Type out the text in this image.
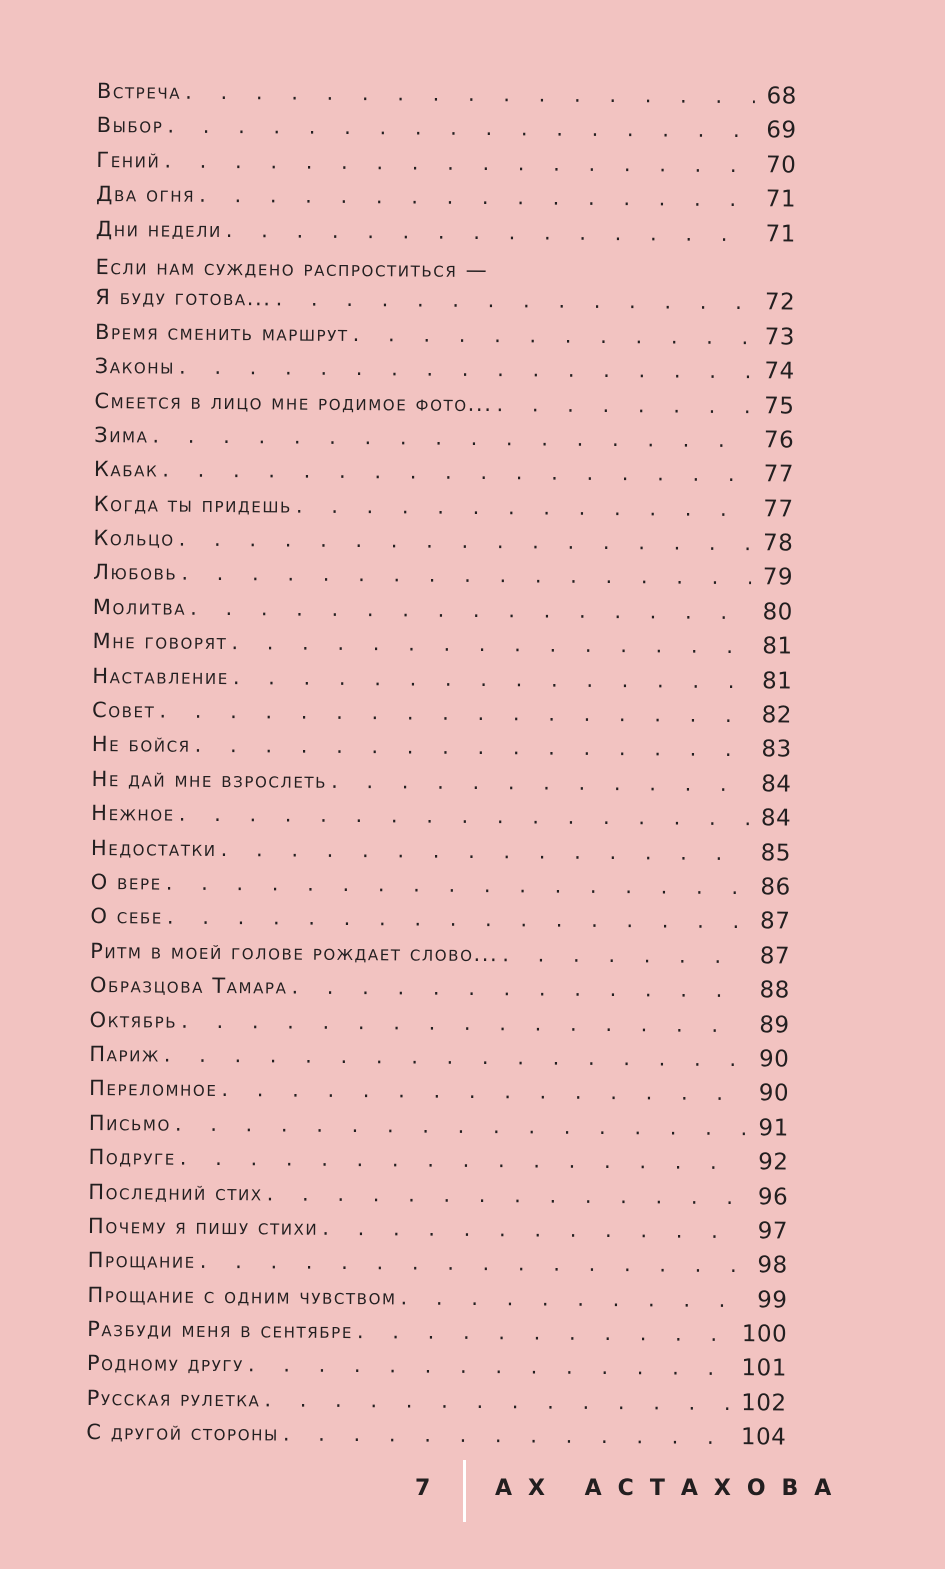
Встреча . . .	68
Выбор . . .	69
Гений . . .	70
Два огня . . .	71
Дни недели . . .	71
Если нам суждено распроститься —
Я буду готова... . . .	72
Время сменить маршрут . . .	73
Законы . . .	74
Смеется в лицо мне родимое фото... . . .	75
Зима . . .	76
Кабак . . .	77
Когда ты придешь . . .	77
Кольцо . . .	78
Любовь . . .	79
Молитва . . .	80
Мне говорят . . .	81
Наставление . . .	81
Совет . . .	82
Не бойся . . .	83
Не дай мне взрослеть . . .	84
Нежное . . .	84
Недостатки . . .	85
О вере . . .	86
О себе . . .	87
Ритм в моей голове рождает слово... . . .	87
Образцова Тамара . . .	88
Октябрь . . .	89
Париж . . .	90
Переломное . . .	90
Письмо . . .	91
Подруге . . .	92
Последний стих . . .	96
Почему я пишу стихи . . .	97
Прощание . . .	98
Прощание с одним чувством . . .	99
Разбуди меня в сентябре . . .	100
Родному другу . . .	101
Русская рулетка . . .	102
С другой стороны . . .	104
7	АХ АСТАХОВА
